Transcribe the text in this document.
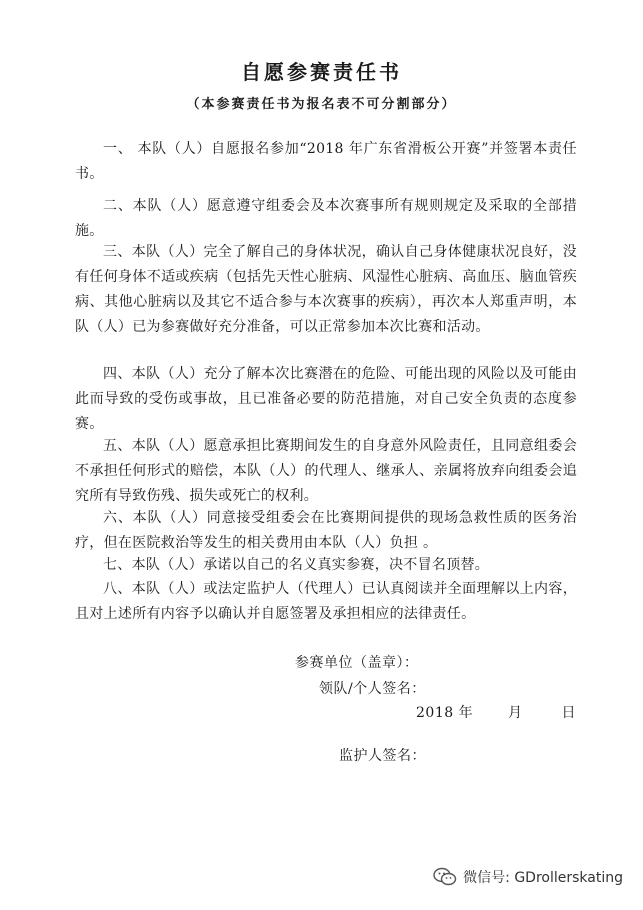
自愿参赛责任书
（本参赛责任书为报名表不可分割部分）
一、 本队（人）自愿报名参加“2018 年广东省滑板公开赛”并签署本责任书。
二、本队（人）愿意遵守组委会及本次赛事所有规则规定及采取的全部措施。
三、本队（人）完全了解自己的身体状况，确认自己身体健康状况良好，没有任何身体不适或疾病（包括先天性心脏病、风湿性心脏病、高血压、脑血管疾病、其他心脏病以及其它不适合参与本次赛事的疾病），再次本人郑重声明，本队（人）已为参赛做好充分准备，可以正常参加本次比赛和活动。
四、本队（人）充分了解本次比赛潜在的危险、可能出现的风险以及可能由此而导致的受伤或事故，且已准备必要的防范措施，对自己安全负责的态度参赛。
五、本队（人）愿意承担比赛期间发生的自身意外风险责任，且同意组委会不承担任何形式的赔偿，本队（人）的代理人、继承人、亲属将放弃向组委会追究所有导致伤残、损失或死亡的权利。
六、本队（人）同意接受组委会在比赛期间提供的现场急救性质的医务治疗，但在医院救治等发生的相关费用由本队（人）负担 。
七、本队（人）承诺以自己的名义真实参赛，决不冒名顶替。
八、本队（人）或法定监护人（代理人）已认真阅读并全面理解以上内容，且对上述所有内容予以确认并自愿签署及承担相应的法律责任。
参赛单位（盖章）：
领队/个人签名：
2018 年 月	日
监护人签名：
微信号: GDrollerskating
